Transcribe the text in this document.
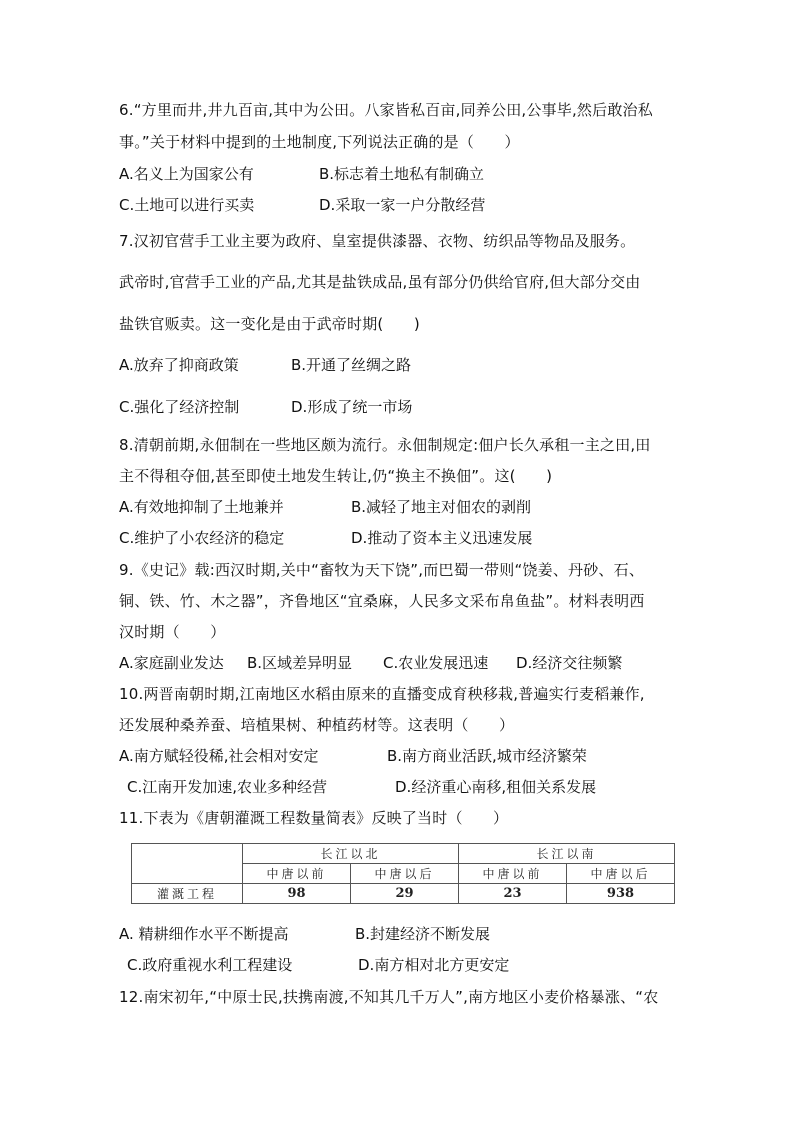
6.“方里而井,井九百亩,其中为公田。八家皆私百亩,同养公田,公事毕,然后敢治私
事。”关于材料中提到的土地制度,下列说法正确的是（　　）
A.名义上为国家公有	B.标志着土地私有制确立
C.土地可以进行买卖	D.采取一家一户分散经营
7.汉初官营手工业主要为政府、皇室提供漆器、衣物、纺织品等物品及服务。
武帝时,官营手工业的产品,尤其是盐铁成品,虽有部分仍供给官府,但大部分交由
盐铁官贩卖。这一变化是由于武帝时期(　　)
A.放弃了抑商政策	B.开通了丝绸之路
C.强化了经济控制	D.形成了统一市场
8.清朝前期,永佃制在一些地区颇为流行。永佃制规定:佃户长久承租一主之田,田
主不得租夺佃,甚至即使土地发生转让,仍“换主不换佃”。这(　　)
A.有效地抑制了土地兼并	B.减轻了地主对佃农的剥削
C.维护了小农经济的稳定	D.推动了资本主义迅速发展
9.《史记》载:西汉时期,关中“畜牧为天下饶”,而巴蜀一带则“饶姜、丹砂、石、
铜、铁、竹、木之器”，齐鲁地区“宜桑麻，人民多文采布帛鱼盐”。材料表明西
汉时期（　　）
A.家庭副业发达 B.区域差异明显 C.农业发展迅速 D.经济交往频繁
10.两晋南朝时期,江南地区水稻由原来的直播变成育秧移栽,普遍实行麦稻兼作,
还发展种桑养蚕、培植果树、种植药材等。这表明（　　）
A.南方赋轻役稀,社会相对安定	B.南方商业活跃,城市经济繁荣
C.江南开发加速,农业多种经营	D.经济重心南移,租佃关系发展
11.下表为《唐朝灌溉工程数量简表》反映了当时（　　）
	长江以北		长江以南	
	中唐以前	中唐以后	中唐以前	中唐以后
灌溉工程	98	29	23	938
A. 精耕细作水平不断提高	B.封建经济不断发展
C.政府重视水利工程建设	D.南方相对北方更安定
12.南宋初年,“中原士民,扶携南渡,不知其几千万人”,南方地区小麦价格暴涨、“农
